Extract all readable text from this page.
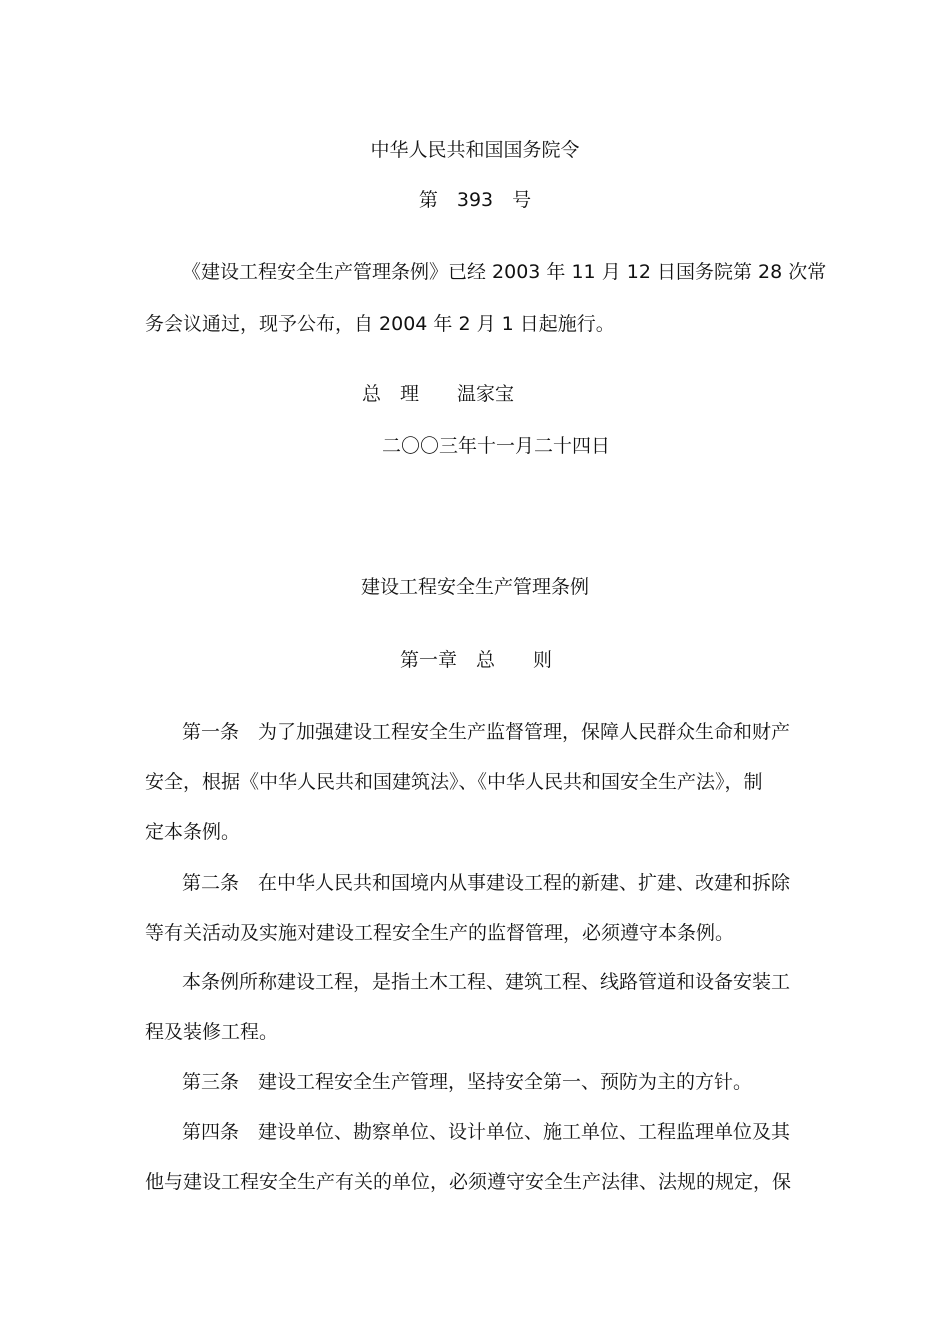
中华人民共和国国务院令
第　393　号
《建设工程安全生产管理条例》已经 2003 年 11 月 12 日国务院第 28 次常
务会议通过，现予公布，自 2004 年 2 月 1 日起施行。
总　理　　温家宝
二〇〇三年十一月二十四日
建设工程安全生产管理条例
第一章　总　　则
第一条　为了加强建设工程安全生产监督管理，保障人民群众生命和财产
安全，根据《中华人民共和国建筑法》、《中华人民共和国安全生产法》，制
定本条例。
第二条　在中华人民共和国境内从事建设工程的新建、扩建、改建和拆除
等有关活动及实施对建设工程安全生产的监督管理，必须遵守本条例。
本条例所称建设工程，是指土木工程、建筑工程、线路管道和设备安装工
程及装修工程。
第三条　建设工程安全生产管理，坚持安全第一、预防为主的方针。
第四条　建设单位、勘察单位、设计单位、施工单位、工程监理单位及其
他与建设工程安全生产有关的单位，必须遵守安全生产法律、法规的规定，保
